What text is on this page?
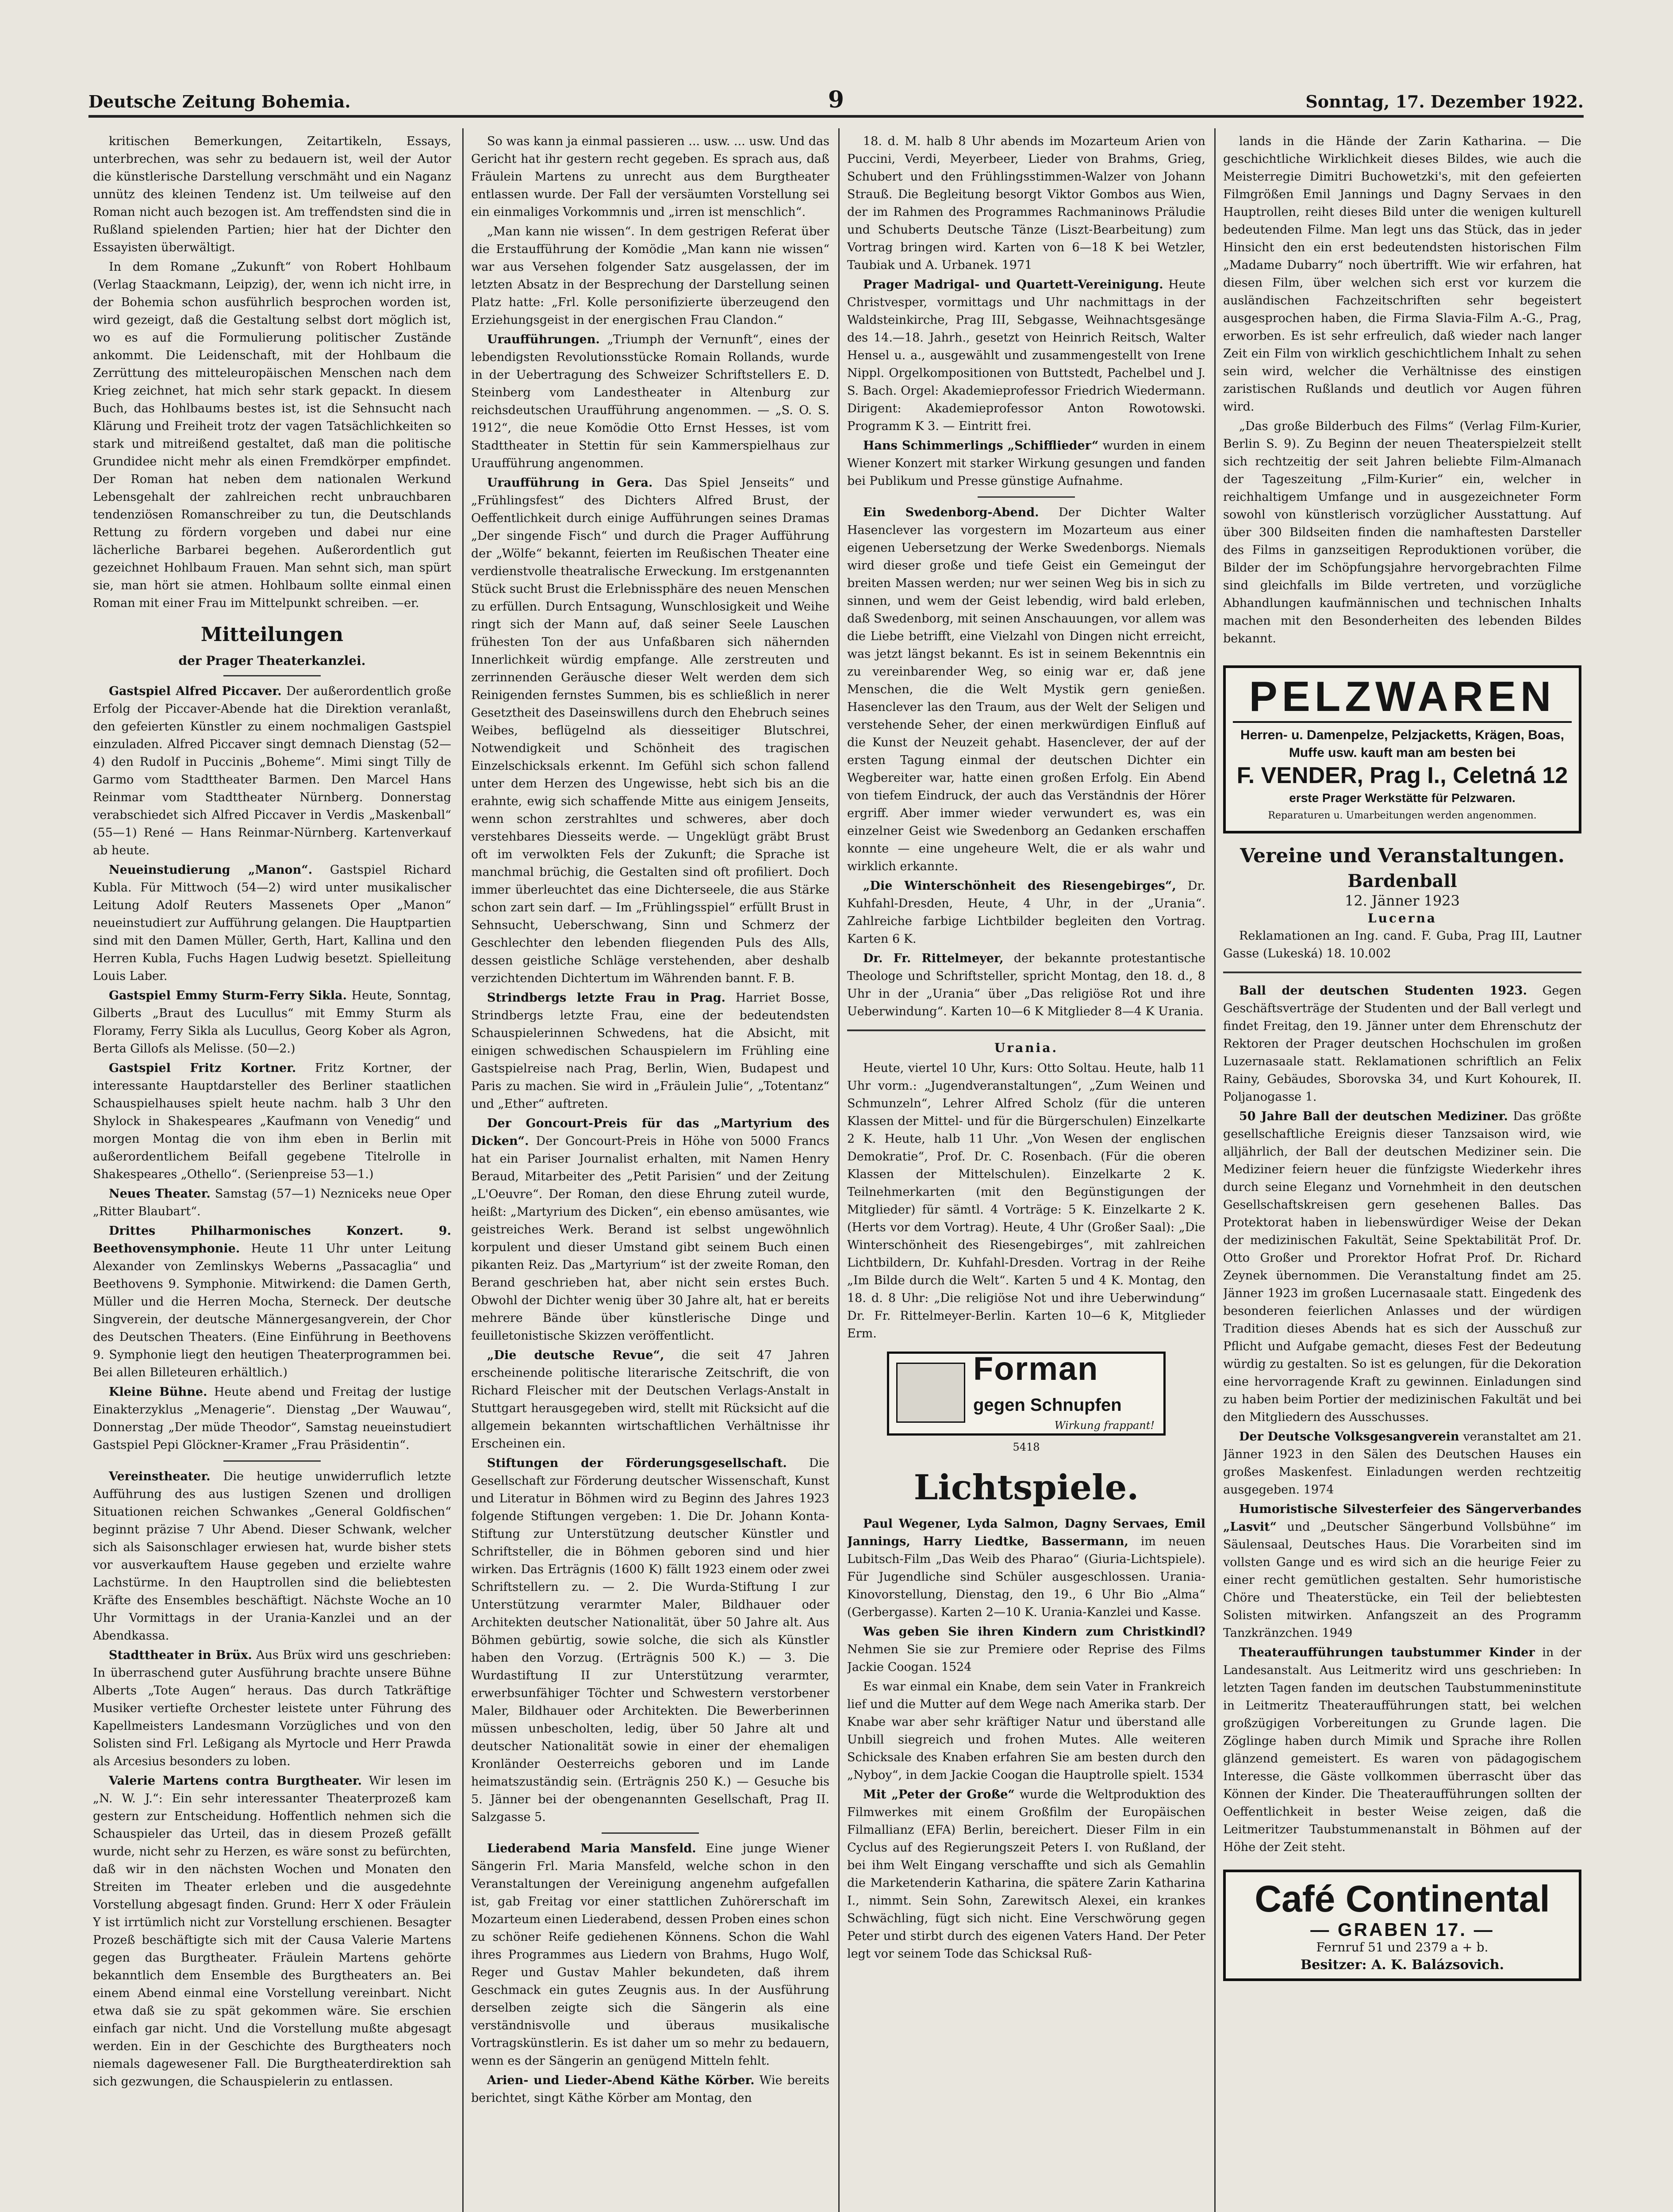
Deutsche Zeitung Bohemia.	9	Sonntag, 17. Dezember 1922.

kritischen Bemerkungen, Zeitartikeln, Essays, unterbrechen, was sehr zu bedauern ist, weil der Autor die künstlerische Darstellung verschmäht und ein Naganz unnütz des kleinen Tendenz ist. Um teilweise auf den Roman nicht auch bezogen ist. Am treffendsten sind die in Rußland spielenden Partien; hier hat der Dichter den Essayisten überwältigt.

In dem Romane „Zukunft“ von Robert Hohlbaum (Verlag Staackmann, Leipzig), der, wenn ich nicht irre, in der Bohemia schon ausführlich besprochen worden ist, wird gezeigt, daß die Gestaltung selbst dort möglich ist, wo es auf die Formulierung politischer Zustände ankommt. Die Leidenschaft, mit der Hohlbaum die Zerrüttung des mitteleuropäischen Menschen nach dem Krieg zeichnet, hat mich sehr stark gepackt. In diesem Buch, das Hohlbaums bestes ist, ist die Sehnsucht nach Klärung und Freiheit trotz der vagen Tatsächlichkeiten so stark und mitreißend gestaltet, daß man die politische Grundidee nicht mehr als einen Fremdkörper empfindet. Der Roman hat neben dem nationalen Werkund Lebensgehalt der zahlreichen recht unbrauchbaren tendenziösen Romanschreiber zu tun, die Deutschlands Rettung zu fördern vorgeben und dabei nur eine lächerliche Barbarei begehen. Außerordentlich gut gezeichnet Hohlbaum Frauen. Man sehnt sich, man spürt sie, man hört sie atmen. Hohlbaum sollte einmal einen Roman mit einer Frau im Mittelpunkt schreiben. —er.

Mitteilungen
der Prager Theaterkanzlei.

Gastspiel Alfred Piccaver. Der außerordentlich große Erfolg der Piccaver-Abende hat die Direktion veranlaßt, den gefeierten Künstler zu einem nochmaligen Gastspiel einzuladen. Alfred Piccaver singt demnach Dienstag (52—4) den Rudolf in Puccinis „Boheme“. Mimi singt Tilly de Garmo vom Stadttheater Barmen. Den Marcel Hans Reinmar vom Stadttheater Nürnberg. Donnerstag verabschiedet sich Alfred Piccaver in Verdis „Maskenball“ (55—1) René — Hans Reinmar-Nürnberg. Kartenverkauf ab heute.

Neueinstudierung „Manon“. Gastspiel Richard Kubla. Für Mittwoch (54—2) wird unter musikalischer Leitung Adolf Reuters Massenets Oper „Manon“ neueinstudiert zur Aufführung gelangen. Die Hauptpartien sind mit den Damen Müller, Gerth, Hart, Kallina und den Herren Kubla, Fuchs Hagen Ludwig besetzt. Spielleitung Louis Laber.

Gastspiel Emmy Sturm-Ferry Sikla. Heute, Sonntag, Gilberts „Braut des Lucullus“ mit Emmy Sturm als Floramy, Ferry Sikla als Lucullus, Georg Kober als Agron, Berta Gillofs als Melisse. (50—2.)

Gastspiel Fritz Kortner. Fritz Kortner, der interessante Hauptdarsteller des Berliner staatlichen Schauspielhauses spielt heute nachm. halb 3 Uhr den Shylock in Shakespeares „Kaufmann von Venedig“ und morgen Montag die von ihm eben in Berlin mit außerordentlichem Beifall gegebene Titelrolle in Shakespeares „Othello“. (Serienpreise 53—1.)

Neues Theater. Samstag (57—1) Nezniceks neue Oper „Ritter Blaubart“.

Drittes Philharmonisches Konzert. 9. Beethovensymphonie. Heute 11 Uhr unter Leitung Alexander von Zemlinskys Weberns „Passacaglia“ und Beethovens 9. Symphonie. Mitwirkend: die Damen Gerth, Müller und die Herren Mocha, Sterneck. Der deutsche Singverein, der deutsche Männergesangverein, der Chor des Deutschen Theaters. (Eine Einführung in Beethovens 9. Symphonie liegt den heutigen Theaterprogrammen bei. Bei allen Billeteuren erhältlich.)

Kleine Bühne. Heute abend und Freitag der lustige Einakterzyklus „Menagerie“. Dienstag „Der Wauwau“, Donnerstag „Der müde Theodor“, Samstag neueinstudiert Gastspiel Pepi Glöckner-Kramer „Frau Präsidentin“.

Vereinstheater. Die heutige unwiderruflich letzte Aufführung des aus lustigen Szenen und drolligen Situationen reichen Schwankes „General Goldfischen“ beginnt präzise 7 Uhr Abend. Dieser Schwank, welcher sich als Saisonschlager erwiesen hat, wurde bisher stets vor ausverkauftem Hause gegeben und erzielte wahre Lachstürme. In den Hauptrollen sind die beliebtesten Kräfte des Ensembles beschäftigt. Nächste Woche an 10 Uhr Vormittags in der Urania-Kanzlei und an der Abendkassa.

Stadttheater in Brüx. Aus Brüx wird uns geschrieben: In überraschend guter Ausführung brachte unsere Bühne Alberts „Tote Augen“ heraus. Das durch Tatkräftige Musiker vertiefte Orchester leistete unter Führung des Kapellmeisters Landesmann Vorzügliches und von den Solisten sind Frl. Leßigang als Myrtocle und Herr Prawda als Arcesius besonders zu loben.

Valerie Martens contra Burgtheater. Wir lesen im „N. W. J.“: Ein sehr interessanter Theaterprozeß kam gestern zur Entscheidung. Hoffentlich nehmen sich die Schauspieler das Urteil, das in diesem Prozeß gefällt wurde, nicht sehr zu Herzen, es wäre sonst zu befürchten, daß wir in den nächsten Wochen und Monaten den Streiten im Theater erleben und die ausgedehnte Vorstellung abgesagt finden. Grund: Herr X oder Fräulein Y ist irrtümlich nicht zur Vorstellung erschienen. Besagter Prozeß beschäftigte sich mit der Causa Valerie Martens gegen das Burgtheater. Fräulein Martens gehörte bekanntlich dem Ensemble des Burgtheaters an. Bei einem Abend einmal eine Vorstellung vereinbart. Nicht etwa daß sie zu spät gekommen wäre. Sie erschien einfach gar nicht. Und die Vorstellung mußte abgesagt werden. Ein in der Geschichte des Burgtheaters noch niemals dagewesener Fall. Die Burgtheaterdirektion sah sich gezwungen, die Schauspielerin zu entlassen.

So was kann ja einmal passieren ... usw. ... usw. Und das Gericht hat ihr gestern recht gegeben. Es sprach aus, daß Fräulein Martens zu unrecht aus dem Burgtheater entlassen wurde. Der Fall der versäumten Vorstellung sei ein einmaliges Vorkommnis und „irren ist menschlich“.

„Man kann nie wissen“. In dem gestrigen Referat über die Erstaufführung der Komödie „Man kann nie wissen“ war aus Versehen folgender Satz ausgelassen, der im letzten Absatz in der Besprechung der Darstellung seinen Platz hatte: „Frl. Kolle personifizierte überzeugend den Erziehungsgeist in der energischen Frau Clandon.“

Uraufführungen. „Triumph der Vernunft“, eines der lebendigsten Revolutionsstücke Romain Rollands, wurde in der Uebertragung des Schweizer Schriftstellers E. D. Steinberg vom Landestheater in Altenburg zur reichsdeutschen Uraufführung angenommen. — „S. O. S. 1912“, die neue Komödie Otto Ernst Hesses, ist vom Stadttheater in Stettin für sein Kammerspielhaus zur Uraufführung angenommen.

Uraufführung in Gera. Das Spiel Jenseits“ und „Frühlingsfest“ des Dichters Alfred Brust, der Oeffentlichkeit durch einige Aufführungen seines Dramas „Der singende Fisch“ und durch die Prager Aufführung der „Wölfe“ bekannt, feierten im Reußischen Theater eine verdienstvolle theatralische Erweckung. Im erstgenannten Stück sucht Brust die Erlebnissphäre des neuen Menschen zu erfüllen. Durch Entsagung, Wunschlosigkeit und Weihe ringt sich der Mann auf, daß seiner Seele Lauschen frühesten Ton der aus Unfaßbaren sich nähernden Innerlichkeit würdig empfange. Alle zerstreuten und zerrinnenden Geräusche dieser Welt werden dem sich Reinigenden fernstes Summen, bis es schließlich in nerer Gesetztheit des Daseinswillens durch den Ehebruch seines Weibes, beflügelnd als diesseitiger Blutschrei, Notwendigkeit und Schönheit des tragischen Einzelschicksals erkennt. Im Gefühl sich schon fallend unter dem Herzen des Ungewisse, hebt sich bis an die erahnte, ewig sich schaffende Mitte aus einigem Jenseits, wenn schon zerstrahltes und schweres, aber doch verstehbares Diesseits werde. — Ungeklügt gräbt Brust oft im verwolkten Fels der Zukunft; die Sprache ist manchmal brüchig, die Gestalten sind oft profiliert. Doch immer überleuchtet das eine Dichterseele, die aus Stärke schon zart sein darf. — Im „Frühlingsspiel“ erfüllt Brust in Sehnsucht, Ueberschwang, Sinn und Schmerz der Geschlechter den lebenden fliegenden Puls des Alls, dessen geistliche Schläge verstehenden, aber deshalb verzichtenden Dichtertum im Währenden bannt. F. B.

Strindbergs letzte Frau in Prag. Harriet Bosse, Strindbergs letzte Frau, eine der bedeutendsten Schauspielerinnen Schwedens, hat die Absicht, mit einigen schwedischen Schauspielern im Frühling eine Gastspielreise nach Prag, Berlin, Wien, Budapest und Paris zu machen. Sie wird in „Fräulein Julie“, „Totentanz“ und „Ether“ auftreten.

Der Goncourt-Preis für das „Martyrium des Dicken“. Der Goncourt-Preis in Höhe von 5000 Francs hat ein Pariser Journalist erhalten, mit Namen Henry Beraud, Mitarbeiter des „Petit Parisien“ und der Zeitung „L'Oeuvre“. Der Roman, den diese Ehrung zuteil wurde, heißt: „Martyrium des Dicken“, ein ebenso amüsantes, wie geistreiches Werk. Berand ist selbst ungewöhnlich korpulent und dieser Umstand gibt seinem Buch einen pikanten Reiz. Das „Martyrium“ ist der zweite Roman, den Berand geschrieben hat, aber nicht sein erstes Buch. Obwohl der Dichter wenig über 30 Jahre alt, hat er bereits mehrere Bände über künstlerische Dinge und feuilletonistische Skizzen veröffentlicht.

„Die deutsche Revue“, die seit 47 Jahren erscheinende politische literarische Zeitschrift, die von Richard Fleischer mit der Deutschen Verlags-Anstalt in Stuttgart herausgegeben wird, stellt mit Rücksicht auf die allgemein bekannten wirtschaftlichen Verhältnisse ihr Erscheinen ein.

Stiftungen der Förderungsgesellschaft. Die Gesellschaft zur Förderung deutscher Wissenschaft, Kunst und Literatur in Böhmen wird zu Beginn des Jahres 1923 folgende Stiftungen vergeben: 1. Die Dr. Johann Konta-Stiftung zur Unterstützung deutscher Künstler und Schriftsteller, die in Böhmen geboren sind und hier wirken. Das Erträgnis (1600 K) fällt 1923 einem oder zwei Schriftstellern zu. — 2. Die Wurda-Stiftung I zur Unterstützung verarmter Maler, Bildhauer oder Architekten deutscher Nationalität, über 50 Jahre alt. Aus Böhmen gebürtig, sowie solche, die sich als Künstler haben den Vorzug. (Erträgnis 500 K.) — 3. Die Wurdastiftung II zur Unterstützung verarmter, erwerbsunfähiger Töchter und Schwestern verstorbener Maler, Bildhauer oder Architekten. Die Bewerberinnen müssen unbescholten, ledig, über 50 Jahre alt und deutscher Nationalität sowie in einer der ehemaligen Kronländer Oesterreichs geboren und im Lande heimatszuständig sein. (Erträgnis 250 K.) — Gesuche bis 5. Jänner bei der obengenannten Gesellschaft, Prag II. Salzgasse 5.

Liederabend Maria Mansfeld. Eine junge Wiener Sängerin Frl. Maria Mansfeld, welche schon in den Veranstaltungen der Vereinigung angenehm aufgefallen ist, gab Freitag vor einer stattlichen Zuhörerschaft im Mozarteum einen Liederabend, dessen Proben eines schon zu schöner Reife gediehenen Könnens. Schon die Wahl ihres Programmes aus Liedern von Brahms, Hugo Wolf, Reger und Gustav Mahler bekundeten, daß ihrem Geschmack ein gutes Zeugnis aus. In der Ausführung derselben zeigte sich die Sängerin als eine verständnisvolle und überaus musikalische Vortragskünstlerin. Es ist daher um so mehr zu bedauern, wenn es der Sängerin an genügend Mitteln fehlt.

Arien- und Lieder-Abend Käthe Körber. Wie bereits berichtet, singt Käthe Körber am Montag, den

18. d. M. halb 8 Uhr abends im Mozarteum Arien von Puccini, Verdi, Meyerbeer, Lieder von Brahms, Grieg, Schubert und den Frühlingsstimmen-Walzer von Johann Strauß. Die Begleitung besorgt Viktor Gombos aus Wien, der im Rahmen des Programmes Rachmaninows Präludie und Schuberts Deutsche Tänze (Liszt-Bearbeitung) zum Vortrag bringen wird. Karten von 6—18 K bei Wetzler, Taubiak und A. Urbanek. 1971

Prager Madrigal- und Quartett-Vereinigung. Heute Christvesper, vormittags und Uhr nachmittags in der Waldsteinkirche, Prag III, Sebgasse, Weihnachtsgesänge des 14.—18. Jahrh., gesetzt von Heinrich Reitsch, Walter Hensel u. a., ausgewählt und zusammengestellt von Irene Nippl. Orgelkompositionen von Buttstedt, Pachelbel und J. S. Bach. Orgel: Akademieprofessor Friedrich Wiedermann. Dirigent: Akademieprofessor Anton Rowotowski. Programm K 3. — Eintritt frei.

Hans Schimmerlings „Schifflieder“ wurden in einem Wiener Konzert mit starker Wirkung gesungen und fanden bei Publikum und Presse günstige Aufnahme.

Ein Swedenborg-Abend. Der Dichter Walter Hasenclever las vorgestern im Mozarteum aus einer eigenen Uebersetzung der Werke Swedenborgs. Niemals wird dieser große und tiefe Geist ein Gemeingut der breiten Massen werden; nur wer seinen Weg bis in sich zu sinnen, und wem der Geist lebendig, wird bald erleben, daß Swedenborg, mit seinen Anschauungen, vor allem was die Liebe betrifft, eine Vielzahl von Dingen nicht erreicht, was jetzt längst bekannt. Es ist in seinem Bekenntnis ein zu vereinbarender Weg, so einig war er, daß jene Menschen, die die Welt Mystik gern genießen. Hasenclever las den Traum, aus der Welt der Seligen und verstehende Seher, der einen merkwürdigen Einfluß auf die Kunst der Neuzeit gehabt. Hasenclever, der auf der ersten Tagung einmal der deutschen Dichter ein Wegbereiter war, hatte einen großen Erfolg. Ein Abend von tiefem Eindruck, der auch das Verständnis der Hörer ergriff. Aber immer wieder verwundert es, was ein einzelner Geist wie Swedenborg an Gedanken erschaffen konnte — eine ungeheure Welt, die er als wahr und wirklich erkannte.

„Die Winterschönheit des Riesengebirges“, Dr. Kuhfahl-Dresden, Heute, 4 Uhr, in der „Urania“. Zahlreiche farbige Lichtbilder begleiten den Vortrag. Karten 6 K.

Dr. Fr. Rittelmeyer, der bekannte protestantische Theologe und Schriftsteller, spricht Montag, den 18. d., 8 Uhr in der „Urania“ über „Das religiöse Rot und ihre Ueberwindung“. Karten 10—6 K Mitglieder 8—4 K Urania.

Urania.

Heute, viertel 10 Uhr, Kurs: Otto Soltau. Heute, halb 11 Uhr vorm.: „Jugendveranstaltungen“, „Zum Weinen und Schmunzeln“, Lehrer Alfred Scholz (für die unteren Klassen der Mittel- und für die Bürgerschulen) Einzelkarte 2 K. Heute, halb 11 Uhr. „Von Wesen der englischen Demokratie“, Prof. Dr. C. Rosenbach. (Für die oberen Klassen der Mittelschulen). Einzelkarte 2 K. Teilnehmerkarten (mit den Begünstigungen der Mitglieder) für sämtl. 4 Vorträge: 5 K. Einzelkarte 2 K. (Herts vor dem Vortrag). Heute, 4 Uhr (Großer Saal): „Die Winterschönheit des Riesengebirges“, mit zahlreichen Lichtbildern, Dr. Kuhfahl-Dresden. Vortrag in der Reihe „Im Bilde durch die Welt“. Karten 5 und 4 K. Montag, den 18. d. 8 Uhr: „Die religiöse Not und ihre Ueberwindung“ Dr. Fr. Rittelmeyer-Berlin. Karten 10—6 K, Mitglieder Erm.

Forman
gegen Schnupfen
Wirkung frappant!
5418
Lichtspiele.

Paul Wegener, Lyda Salmon, Dagny Servaes, Emil Jannings, Harry Liedtke, Bassermann, im neuen Lubitsch-Film „Das Weib des Pharao“ (Giuria-Lichtspiele). Für Jugendliche sind Schüler ausgeschlossen. Urania-Kinovorstellung, Dienstag, den 19., 6 Uhr Bio „Alma“ (Gerbergasse). Karten 2—10 K. Urania-Kanzlei und Kasse.

Was geben Sie ihren Kindern zum Christkindl? Nehmen Sie sie zur Premiere oder Reprise des Films Jackie Coogan. 1524

Es war einmal ein Knabe, dem sein Vater in Frankreich lief und die Mutter auf dem Wege nach Amerika starb. Der Knabe war aber sehr kräftiger Natur und überstand alle Unbill siegreich und frohen Mutes. Alle weiteren Schicksale des Knaben erfahren Sie am besten durch den „Nyboy“, in dem Jackie Coogan die Hauptrolle spielt. 1534

Mit „Peter der Große“ wurde die Weltproduktion des Filmwerkes mit einem Großfilm der Europäischen Filmallianz (EFA) Berlin, bereichert. Dieser Film in ein Cyclus auf des Regierungszeit Peters I. von Rußland, der bei ihm Welt Eingang verschaffte und sich als Gemahlin die Marketenderin Katharina, die spätere Zarin Katharina I., nimmt. Sein Sohn, Zarewitsch Alexei, ein krankes Schwächling, fügt sich nicht. Eine Verschwörung gegen Peter und stirbt durch des eigenen Vaters Hand. Der Peter legt vor seinem Tode das Schicksal Ruß-

lands in die Hände der Zarin Katharina. — Die geschichtliche Wirklichkeit dieses Bildes, wie auch die Meisterregie Dimitri Buchowetzki's, mit den gefeierten Filmgrößen Emil Jannings und Dagny Servaes in den Hauptrollen, reiht dieses Bild unter die wenigen kulturell bedeutenden Filme. Man legt uns das Stück, das in jeder Hinsicht den ein erst bedeutendsten historischen Film „Madame Dubarry“ noch übertrifft. Wie wir erfahren, hat diesen Film, über welchen sich erst vor kurzem die ausländischen Fachzeitschriften sehr begeistert ausgesprochen haben, die Firma Slavia-Film A.-G., Prag, erworben. Es ist sehr erfreulich, daß wieder nach langer Zeit ein Film von wirklich geschichtlichem Inhalt zu sehen sein wird, welcher die Verhältnisse des einstigen zaristischen Rußlands und deutlich vor Augen führen wird.

„Das große Bilderbuch des Films“ (Verlag Film-Kurier, Berlin S. 9). Zu Beginn der neuen Theaterspielzeit stellt sich rechtzeitig der seit Jahren beliebte Film-Almanach der Tageszeitung „Film-Kurier“ ein, welcher in reichhaltigem Umfange und in ausgezeichneter Form sowohl von künstlerisch vorzüglicher Ausstattung. Auf über 300 Bildseiten finden die namhaftesten Darsteller des Films in ganzseitigen Reproduktionen vorüber, die Bilder der im Schöpfungsjahre hervorgebrachten Filme sind gleichfalls im Bilde vertreten, und vorzügliche Abhandlungen kaufmännischen und technischen Inhalts machen mit den Besonderheiten des lebenden Bildes bekannt.

PELZWAREN
Herren- u. Damenpelze, Pelzjacketts, Krägen, Boas, Muffe usw. kauft man am besten bei
F. VENDER, Prag I., Celetná 12
erste Prager Werkstätte für Pelzwaren.
Reparaturen u. Umarbeitungen werden angenommen.
Vereine und Veranstaltungen.
Bardenball
12. Jänner 1923
Lucerna

Reklamationen an Ing. cand. F. Guba, Prag III, Lautner Gasse (Lukeská) 18. 10.002

Ball der deutschen Studenten 1923. Gegen Geschäftsverträge der Studenten und der Ball verlegt und findet Freitag, den 19. Jänner unter dem Ehrenschutz der Rektoren der Prager deutschen Hochschulen im großen Luzernasaale statt. Reklamationen schriftlich an Felix Rainy, Gebäudes, Sborovska 34, und Kurt Kohourek, II. Poljanogasse 1.

50 Jahre Ball der deutschen Mediziner. Das größte gesellschaftliche Ereignis dieser Tanzsaison wird, wie alljährlich, der Ball der deutschen Mediziner sein. Die Mediziner feiern heuer die fünfzigste Wiederkehr ihres durch seine Eleganz und Vornehmheit in den deutschen Gesellschaftskreisen gern gesehenen Balles. Das Protektorat haben in liebenswürdiger Weise der Dekan der medizinischen Fakultät, Seine Spektabilität Prof. Dr. Otto Großer und Prorektor Hofrat Prof. Dr. Richard Zeynek übernommen. Die Veranstaltung findet am 25. Jänner 1923 im großen Lucernasaale statt. Eingedenk des besonderen feierlichen Anlasses und der würdigen Tradition dieses Abends hat es sich der Ausschuß zur Pflicht und Aufgabe gemacht, dieses Fest der Bedeutung würdig zu gestalten. So ist es gelungen, für die Dekoration eine hervorragende Kraft zu gewinnen. Einladungen sind zu haben beim Portier der medizinischen Fakultät und bei den Mitgliedern des Ausschusses.

Der Deutsche Volksgesangverein veranstaltet am 21. Jänner 1923 in den Sälen des Deutschen Hauses ein großes Maskenfest. Einladungen werden rechtzeitig ausgegeben. 1974

Humoristische Silvesterfeier des Sängerverbandes „Lasvit“ und „Deutscher Sängerbund Vollsbühne“ im Säulensaal, Deutsches Haus. Die Vorarbeiten sind im vollsten Gange und es wird sich an die heurige Feier zu einer recht gemütlichen gestalten. Sehr humoristische Chöre und Theaterstücke, ein Teil der beliebtesten Solisten mitwirken. Anfangszeit an des Programm Tanzkränzchen. 1949

Theateraufführungen taubstummer Kinder in der Landesanstalt. Aus Leitmeritz wird uns geschrieben: In letzten Tagen fanden im deutschen Taubstummeninstitute in Leitmeritz Theateraufführungen statt, bei welchen großzügigen Vorbereitungen zu Grunde lagen. Die Zöglinge haben durch Mimik und Sprache ihre Rollen glänzend gemeistert. Es waren von pädagogischem Interesse, die Gäste vollkommen überrascht über das Können der Kinder. Die Theateraufführungen sollten der Oeffentlichkeit in bester Weise zeigen, daß die Leitmeritzer Taubstummenanstalt in Böhmen auf der Höhe der Zeit steht.

Café Continental
— GRABEN 17. —
Fernruf 51 und 2379 a + b.
Besitzer: A. K. Balázsovich.
